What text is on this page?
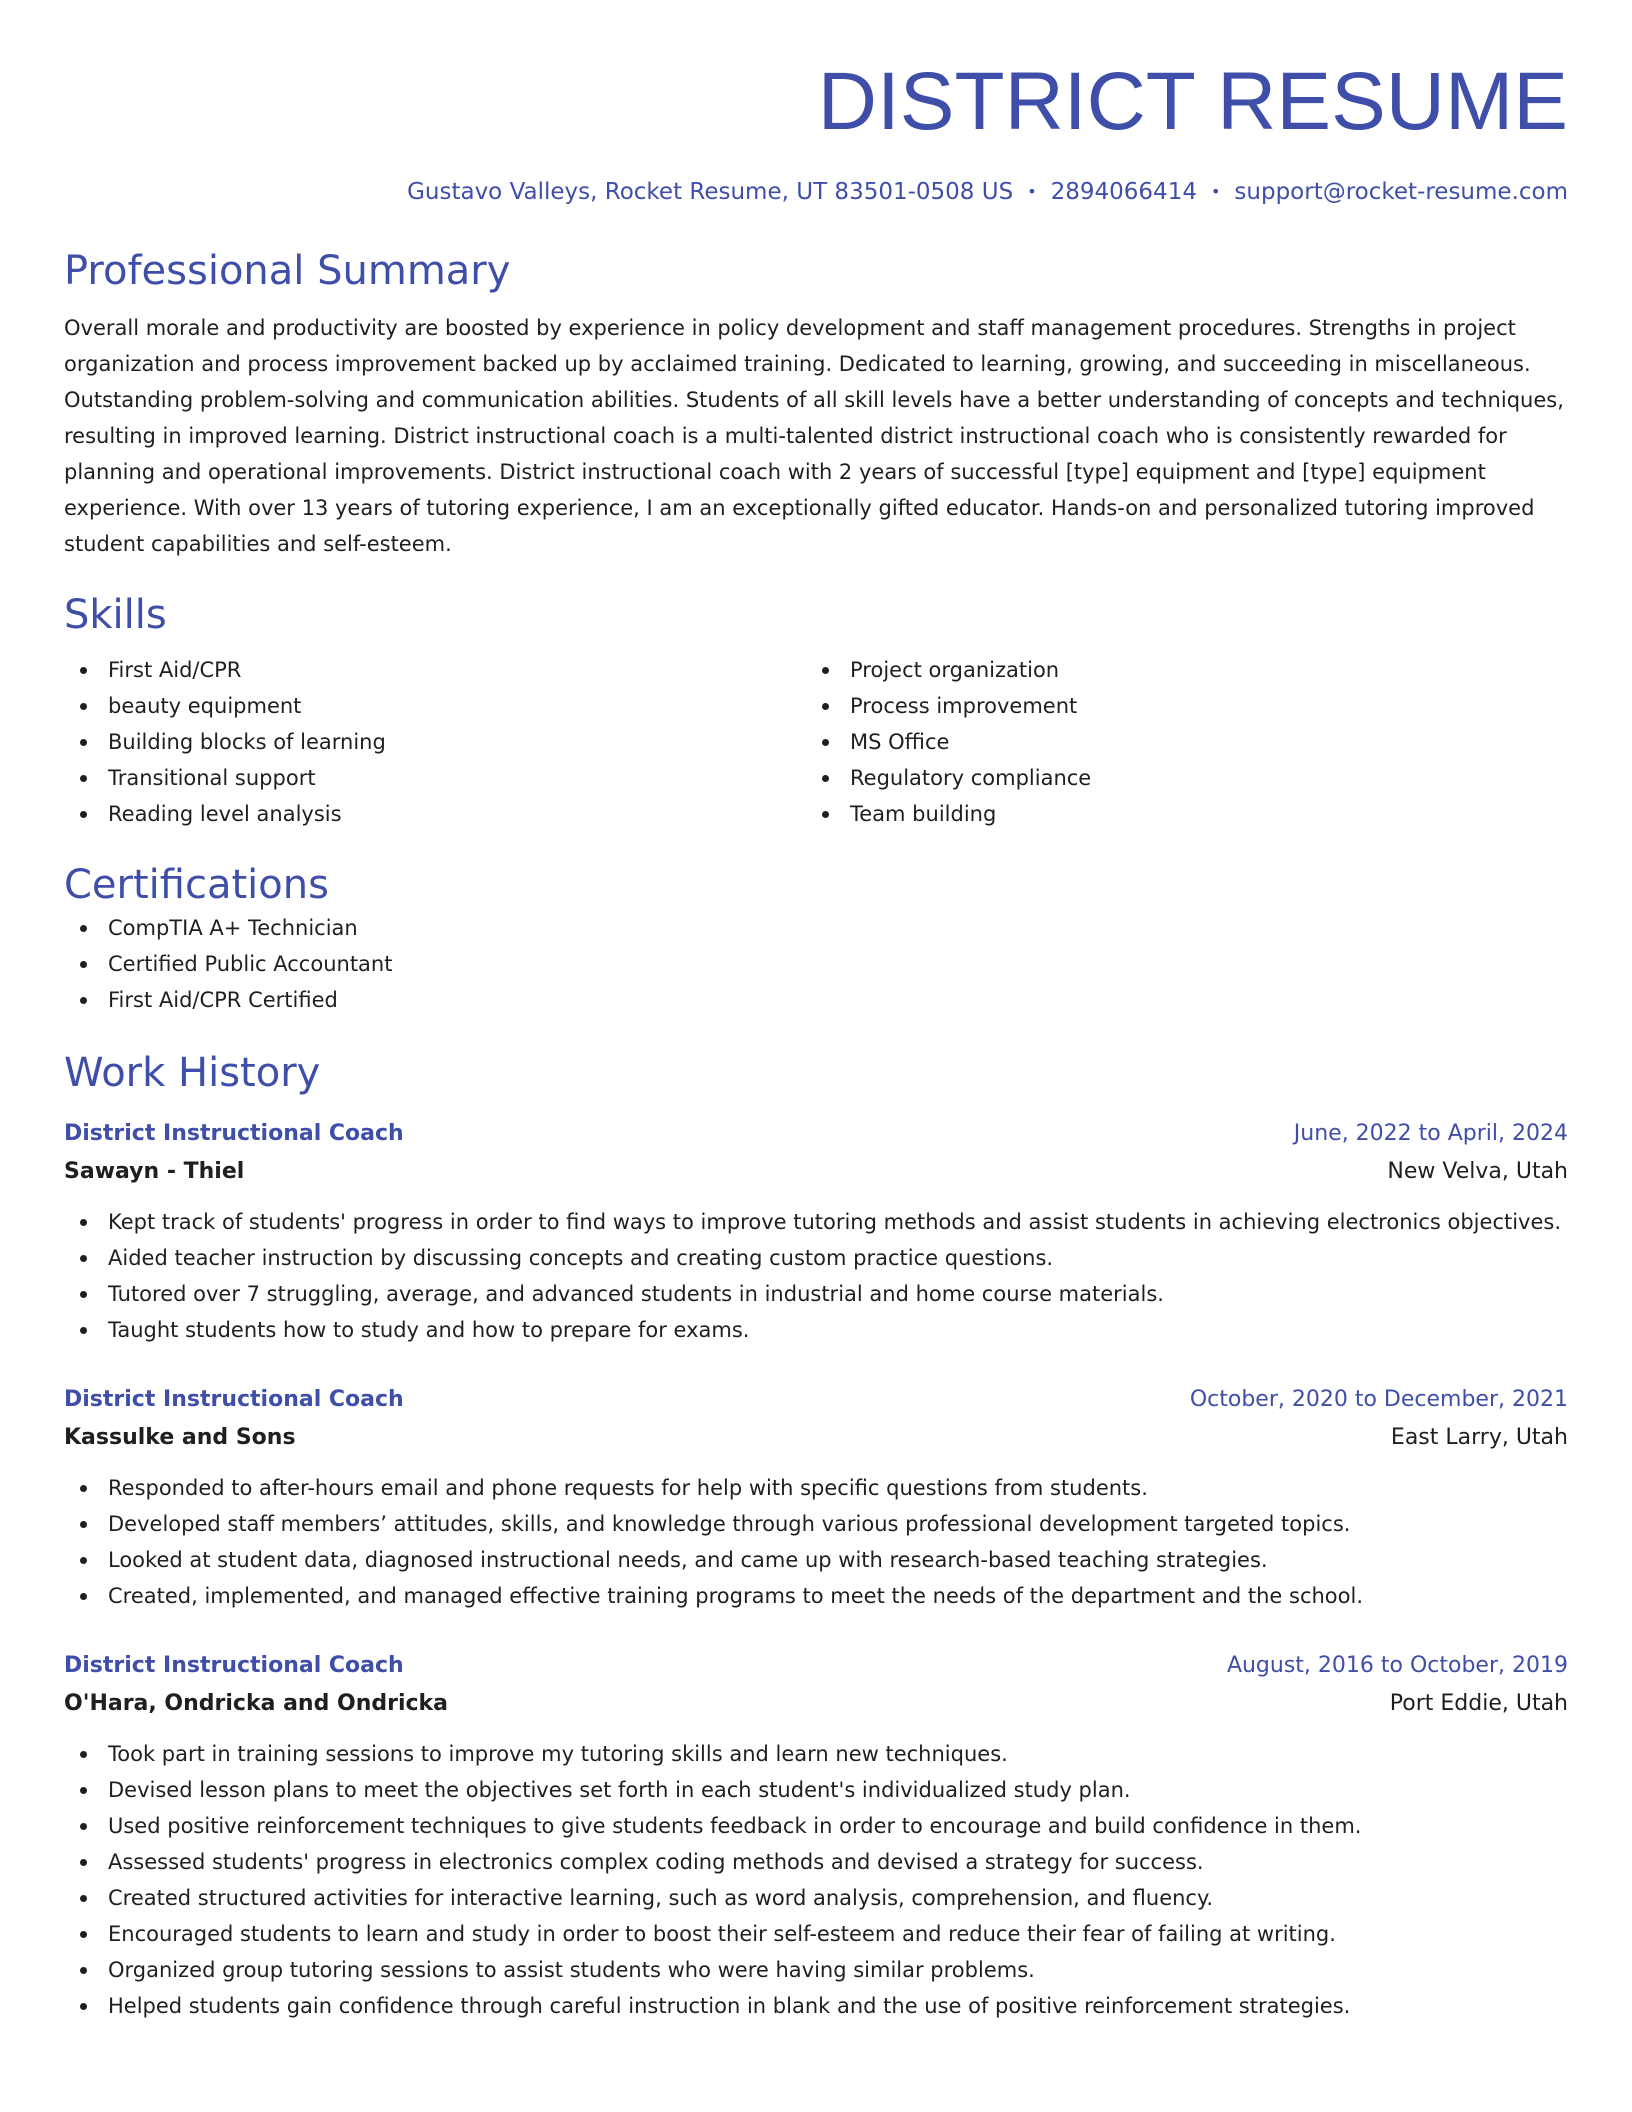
DISTRICT RESUME
Gustavo Valleys, Rocket Resume, UT 83501-0508 US • 2894066414 • support@rocket-resume.com
Professional Summary

Overall morale and productivity are boosted by experience in policy development and staff management procedures. Strengths in project organization and process improvement backed up by acclaimed training. Dedicated to learning, growing, and succeeding in miscellaneous. Outstanding problem-solving and communication abilities. Students of all skill levels have a better understanding of concepts and techniques, resulting in improved learning. District instructional coach is a multi-talented district instructional coach who is consistently rewarded for planning and operational improvements. District instructional coach with 2 years of successful [type] equipment and [type] equipment experience. With over 13 years of tutoring experience, I am an exceptionally gifted educator. Hands-on and personalized tutoring improved student capabilities and self-esteem.

Skills
First Aid/CPR
beauty equipment
Building blocks of learning
Transitional support
Reading level analysis
Project organization
Process improvement
MS Office
Regulatory compliance
Team building
Certifications
CompTIA A+ Technician
Certified Public Accountant
First Aid/CPR Certified
Work History
District Instructional Coach	June, 2022 to April, 2024
Sawayn - Thiel	New Velva, Utah
Kept track of students' progress in order to find ways to improve tutoring methods and assist students in achieving electronics objectives.
Aided teacher instruction by discussing concepts and creating custom practice questions.
Tutored over 7 struggling, average, and advanced students in industrial and home course materials.
Taught students how to study and how to prepare for exams.
District Instructional Coach	October, 2020 to December, 2021
Kassulke and Sons	East Larry, Utah
Responded to after-hours email and phone requests for help with specific questions from students.
Developed staff members’ attitudes, skills, and knowledge through various professional development targeted topics.
Looked at student data, diagnosed instructional needs, and came up with research-based teaching strategies.
Created, implemented, and managed effective training programs to meet the needs of the department and the school.
District Instructional Coach	August, 2016 to October, 2019
O'Hara, Ondricka and Ondricka	Port Eddie, Utah
Took part in training sessions to improve my tutoring skills and learn new techniques.
Devised lesson plans to meet the objectives set forth in each student's individualized study plan.
Used positive reinforcement techniques to give students feedback in order to encourage and build confidence in them.
Assessed students' progress in electronics complex coding methods and devised a strategy for success.
Created structured activities for interactive learning, such as word analysis, comprehension, and fluency.
Encouraged students to learn and study in order to boost their self-esteem and reduce their fear of failing at writing.
Organized group tutoring sessions to assist students who were having similar problems.
Helped students gain confidence through careful instruction in blank and the use of positive reinforcement strategies.
